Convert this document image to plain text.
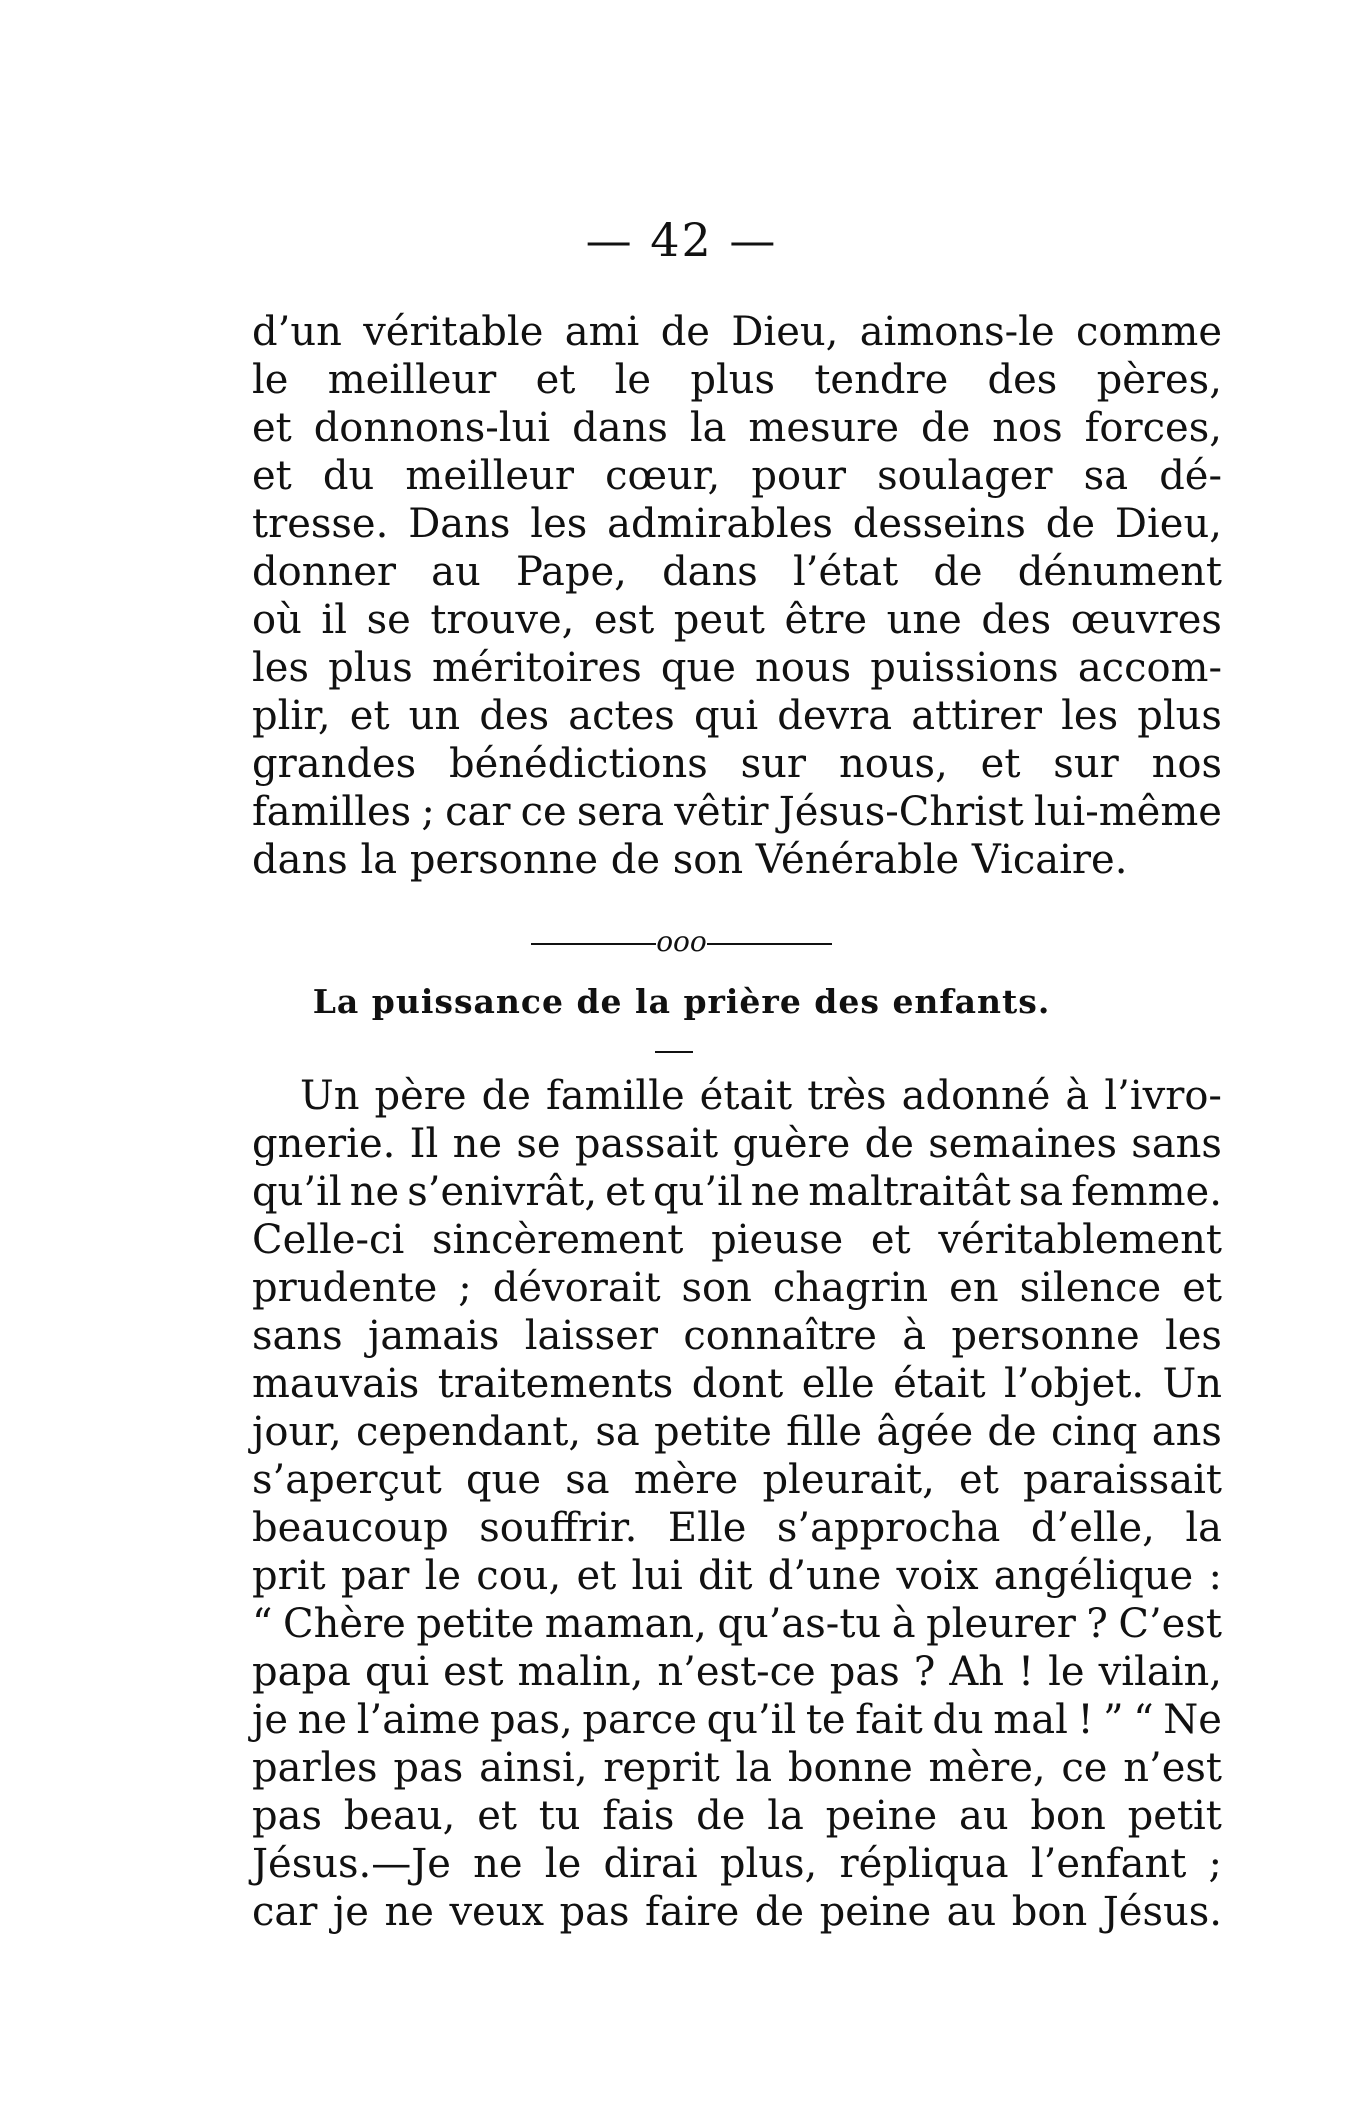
— 42 —
d’un véritable ami de Dieu, aimons-le comme
le meilleur et le plus tendre des pères,
et donnons-lui dans la mesure de nos forces,
et du meilleur cœur, pour soulager sa dé-
tresse. Dans les admirables desseins de Dieu,
donner au Pape, dans l’état de dénument
où il se trouve, est peut être une des œuvres
les plus méritoires que nous puissions accom-
plir, et un des actes qui devra attirer les plus
grandes bénédictions sur nous, et sur nos
familles ; car ce sera vêtir Jésus-Christ lui-même
dans la personne de son Vénérable Vicaire.
ooo
La puissance de la prière des enfants.
Un père de famille était très adonné à l’ivro-
gnerie. Il ne se passait guère de semaines sans
qu’il ne s’enivrât, et qu’il ne maltraitât sa femme.
Celle-ci sincèrement pieuse et véritablement
prudente ; dévorait son chagrin en silence et
sans jamais laisser connaître à personne les
mauvais traitements dont elle était l’objet. Un
jour, cependant, sa petite fille âgée de cinq ans
s’aperçut que sa mère pleurait, et paraissait
beaucoup souffrir. Elle s’approcha d’elle, la
prit par le cou, et lui dit d’une voix angélique :
“ Chère petite maman, qu’as-tu à pleurer ? C’est
papa qui est malin, n’est-ce pas ? Ah ! le vilain,
je ne l’aime pas, parce qu’il te fait du mal ! ” “ Ne
parles pas ainsi, reprit la bonne mère, ce n’est
pas beau, et tu fais de la peine au bon petit
Jésus.—Je ne le dirai plus, répliqua l’enfant ;
car je ne veux pas faire de peine au bon Jésus.
